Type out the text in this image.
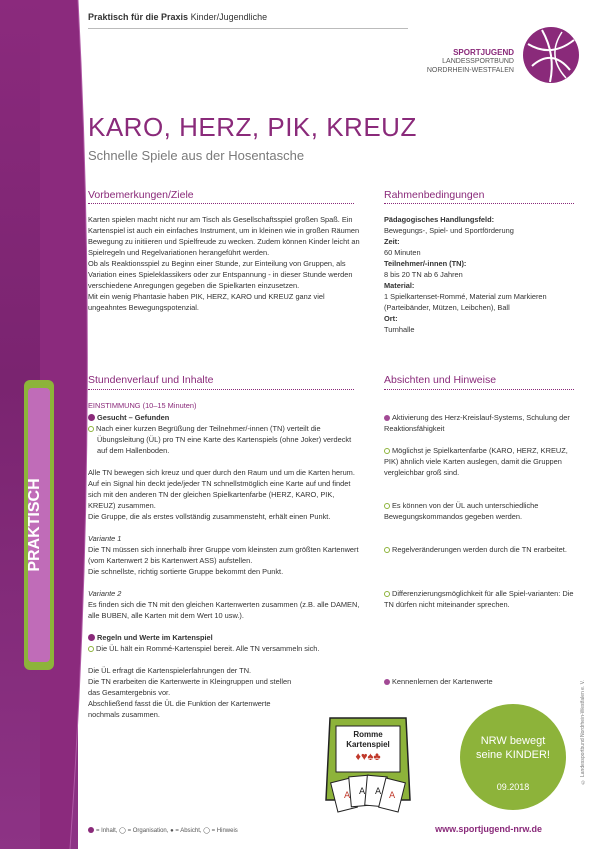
PRAKTISCH
Praktisch für die Praxis Kinder/Jugendliche
SPORTJUGEND
LANDESSPORTBUND
NORDRHEIN-WESTFALEN
KARO, HERZ, PIK, KREUZ
Schnelle Spiele aus der Hosentasche
Vorbemerkungen/Ziele

Karten spielen macht nicht nur am Tisch als Gesellschaftsspiel großen Spaß. Ein Kartenspiel ist auch ein einfaches Instrument, um in kleinen wie in großen Räumen Bewegung zu initiieren und Spielfreude zu wecken. Zudem können Kinder leicht an Spielregeln und Regelvariationen herangeführt werden.

Ob als Reaktionsspiel zu Beginn einer Stunde, zur Einteilung von Gruppen, als Variation eines Spieleklassikers oder zur Entspannung - in dieser Stunde werden verschiedene Anregungen gegeben die Spielkarten einzusetzen.

Mit ein wenig Phantasie haben PIK, HERZ, KARO und KREUZ ganz viel ungeahntes Bewegungspotenzial.

Rahmenbedingungen

Pädagogisches Handlungsfeld:

Bewegungs-, Spiel- und Sportförderung

Zeit:

60 Minuten

Teilnehmer/-innen (TN):

8 bis 20 TN ab 6 Jahren

Material:

1 Spielkartenset-Rommé, Material zum Markieren (Parteibänder, Mützen, Leibchen), Ball

Ort:

Turnhalle

Stundenverlauf und Inhalte
EINSTIMMUNG (10–15 Minuten)

Gesucht – Gefunden

Nach einer kurzen Begrüßung der Teilnehmer/-innen (TN) verteilt die Übungsleitung (ÜL) pro TN eine Karte des Kartenspiels (ohne Joker) verdeckt auf dem Hallenboden.

Alle TN bewegen sich kreuz und quer durch den Raum und um die Karten herum. Auf ein Signal hin deckt jede/jeder TN schnellstmöglich eine Karte auf und findet sich mit den anderen TN der gleichen Spielkartenfarbe (HERZ, KARO, PIK, KREUZ) zusammen.

Die Gruppe, die als erstes vollständig zusammensteht, erhält einen Punkt.

Variante 1

Die TN müssen sich innerhalb ihrer Gruppe vom kleinsten zum größten Kartenwert (vom Kartenwert 2 bis Kartenwert ASS) aufstellen.

Die schnellste, richtig sortierte Gruppe bekommt den Punkt.

Variante 2

Es finden sich die TN mit den gleichen Kartenwerten zusammen (z.B. alle DAMEN, alle BUBEN, alle Karten mit dem Wert 10 usw.).

Regeln und Werte im Kartenspiel

Die ÜL hält ein Rommé-Kartenspiel bereit. Alle TN versammeln sich.

Die ÜL erfragt die Kartenspielerfahrungen der TN.

Die TN erarbeiten die Kartenwerte in Kleingruppen und stellen das Gesamtergebnis vor.

Abschließend fasst die ÜL die Funktion der Kartenwerte nochmals zusammen.

Absichten und Hinweise
Aktivierung des Herz-Kreislauf-Systems, Schulung der Reaktionsfähigkeit
Möglichst je Spielkartenfarbe (KARO, HERZ, KREUZ, PIK) ähnlich viele Karten auslegen, damit die Gruppen vergleichbar groß sind.
Es können von der ÜL auch unterschiedliche Bewegungskommandos gegeben werden.
Regelveränderungen werden durch die TN erarbeitet.
Differenzierungsmöglichkeit für alle Spiel-varianten: Die TN dürfen nicht miteinander sprechen.
Kennenlernen der Kartenwerte
A A A A
Romme
Kartenspiel
♦♥♠♣
NRW bewegt
seine KINDER!
09.2018
© Landessportbund Nordrhein-Westfalen e. V.
= Inhalt, ◯ = Organisation, ● = Absicht, ◯ = Hinweis	www.sportjugend-nrw.de
